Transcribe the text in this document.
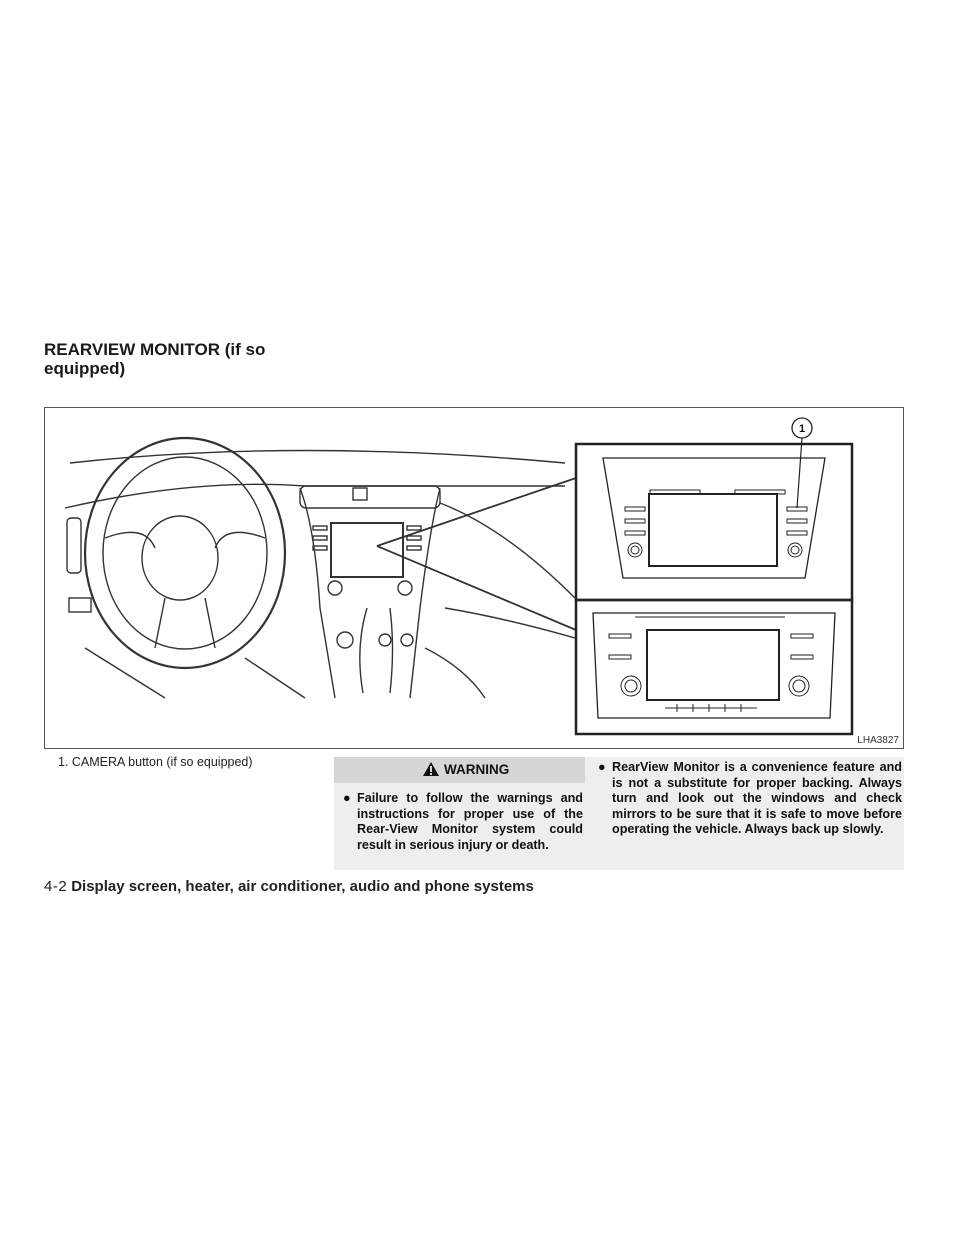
REARVIEW MONITOR (if so equipped)
1
LHA3827
1. CAMERA button (if so equipped)	WARNING
● Failure to follow the warnings and instructions for proper use of the Rear-View Monitor system could result in serious injury or death.
● RearView Monitor is a convenience feature and is not a substitute for proper backing. Always turn and look out the windows and check mirrors to be sure that it is safe to move before operating the vehicle. Always back up slowly.
4-2 Display screen, heater, air conditioner, audio and phone systems
